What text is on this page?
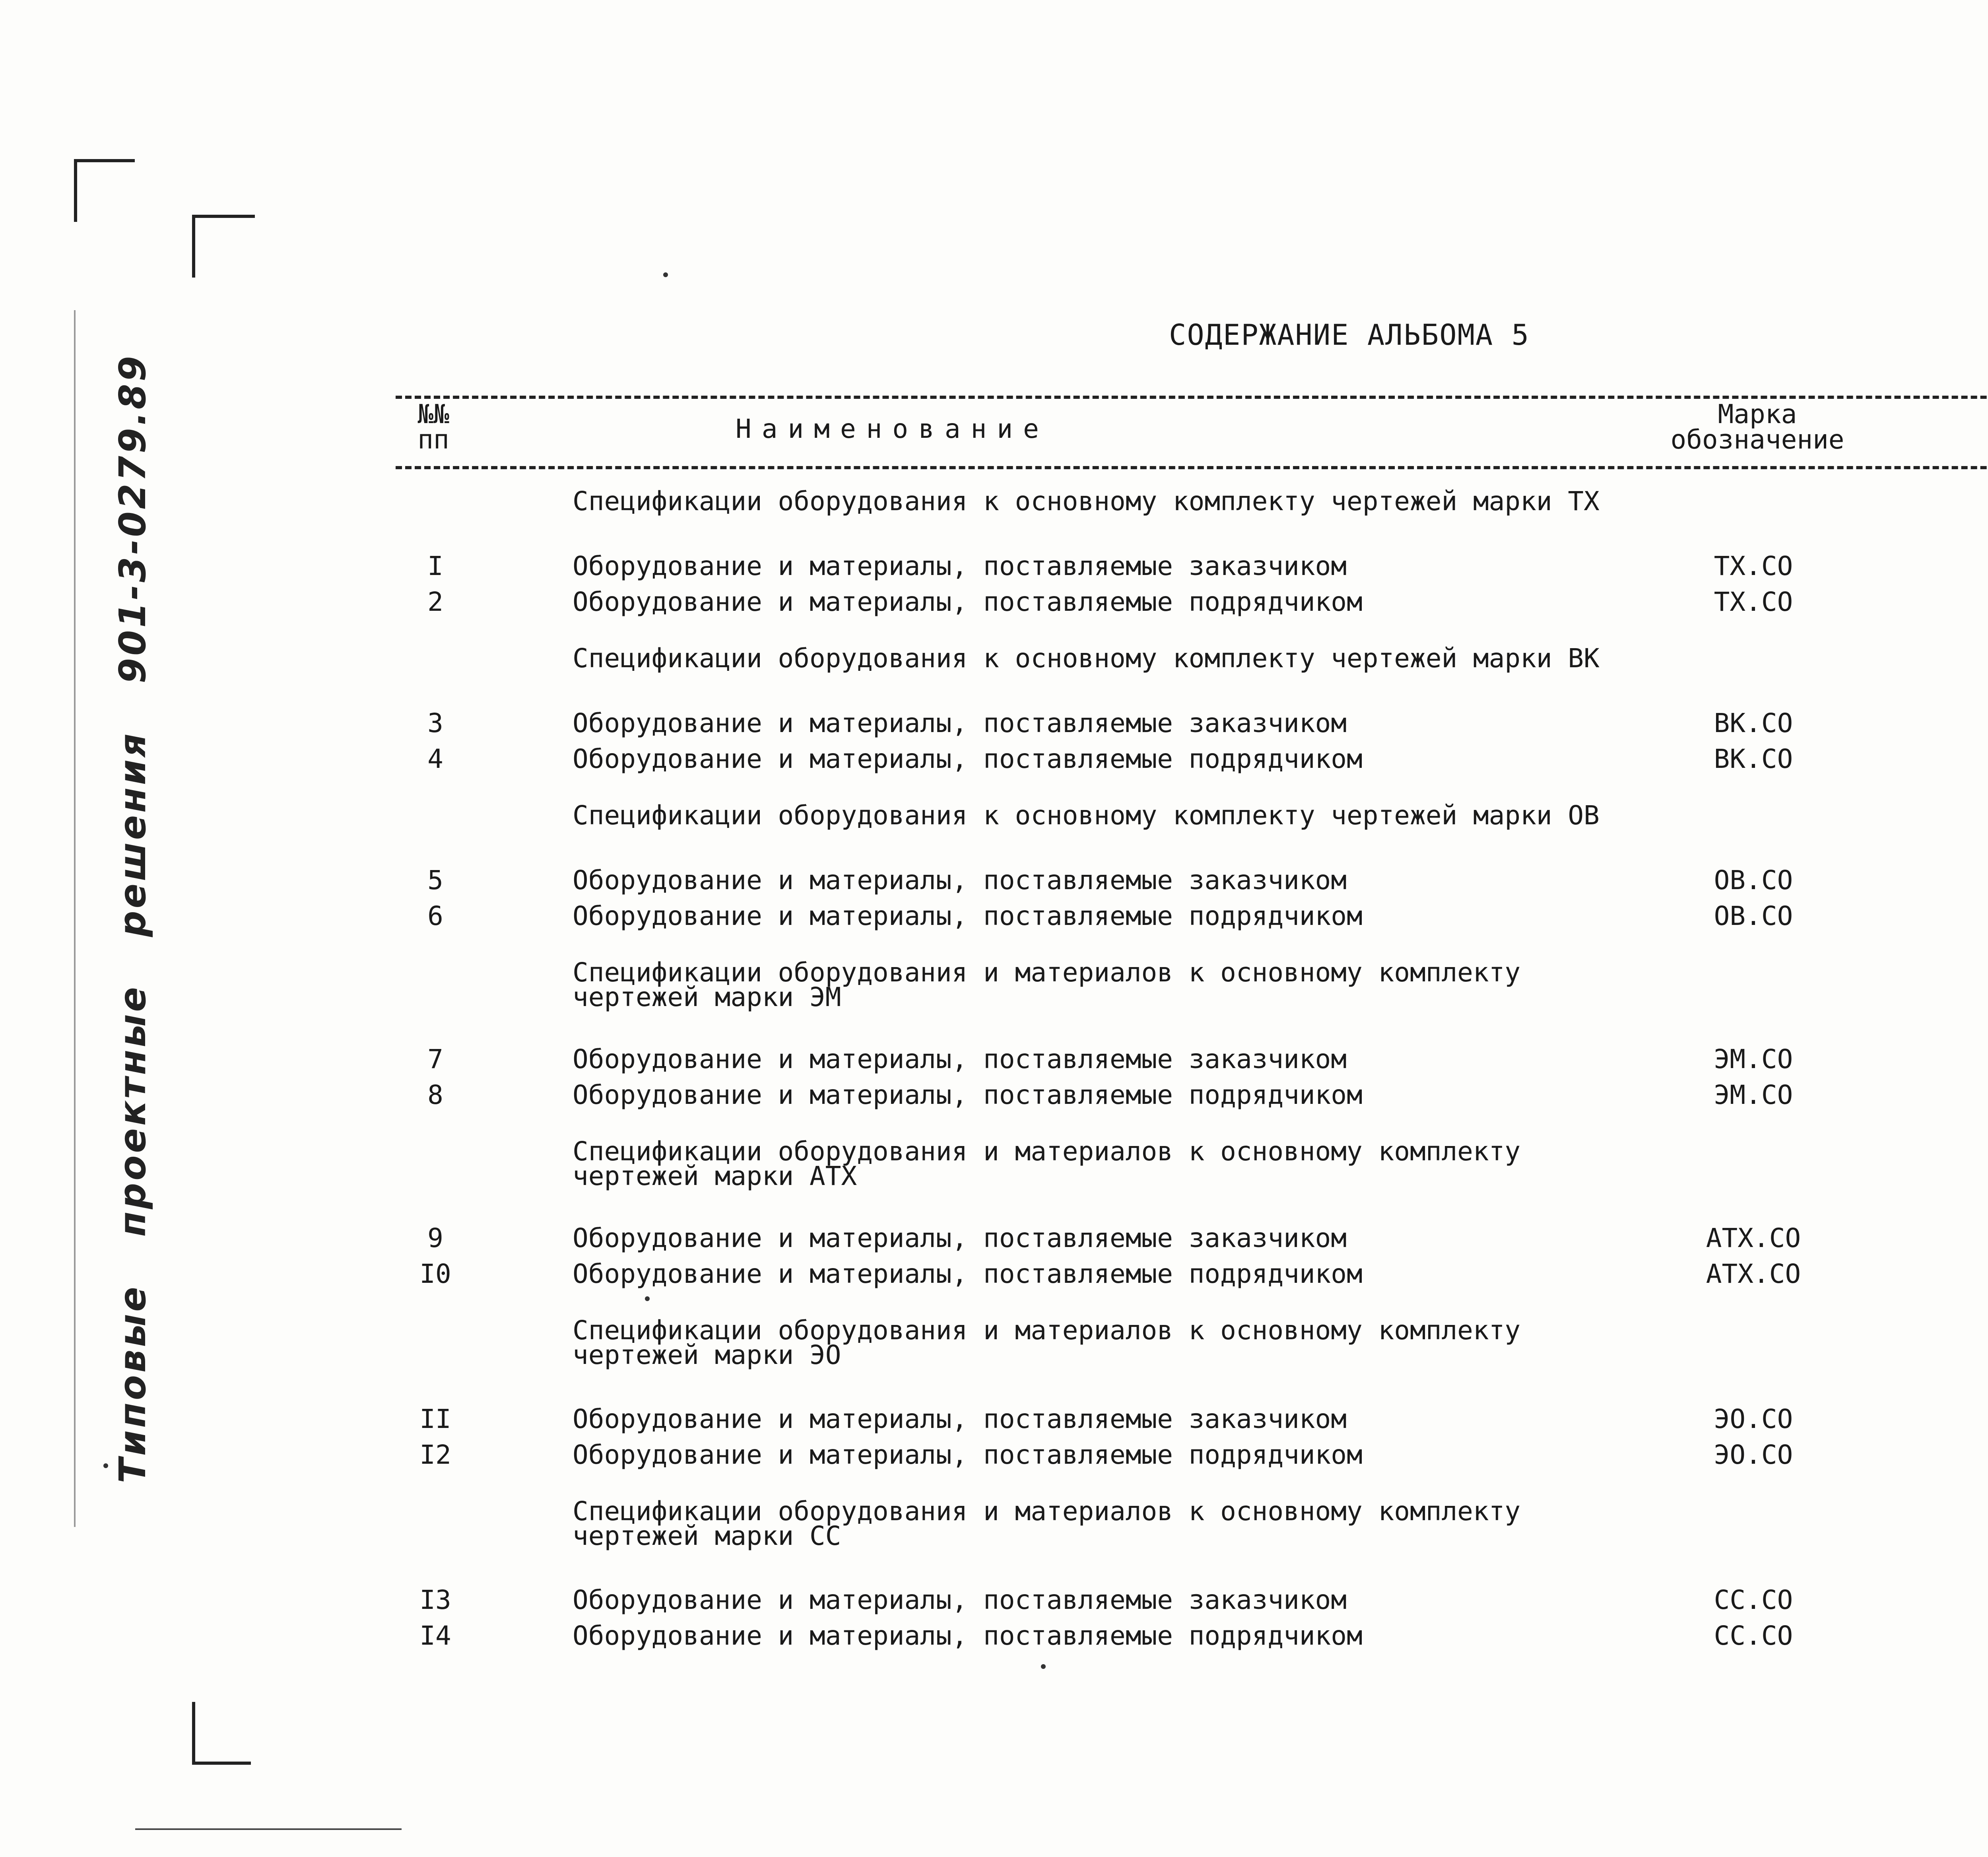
Типовыепроектныерешения901-3-0279.89
СОДЕРЖАНИЕ АЛЬБОМА 5
№№ пп	Наименование	Марка обозначение
Спецификации оборудования к основному комплекту чертежей марки ТХ
I	Оборудование и материалы, поставляемые заказчиком	ТХ.СО
2	Оборудование и материалы, поставляемые подрядчиком	ТХ.СО
Спецификации оборудования к основному комплекту чертежей марки ВК
3	Оборудование и материалы, поставляемые заказчиком	ВК.СО
4	Оборудование и материалы, поставляемые подрядчиком	ВК.СО
Спецификации оборудования к основному комплекту чертежей марки ОВ
5	Оборудование и материалы, поставляемые заказчиком	ОВ.СО
6	Оборудование и материалы, поставляемые подрядчиком	ОВ.СО
Спецификации оборудования и материалов к основному комплекту
чертежей марки ЭМ
7	Оборудование и материалы, поставляемые заказчиком	ЭМ.СО
8	Оборудование и материалы, поставляемые подрядчиком	ЭМ.СО
Спецификации оборудования и материалов к основному комплекту
чертежей марки АТХ
9	Оборудование и материалы, поставляемые заказчиком	АТХ.СО
I0	Оборудование и материалы, поставляемые подрядчиком	АТХ.СО
Спецификации оборудования и материалов к основному комплекту
чертежей марки ЭО
II	Оборудование и материалы, поставляемые заказчиком	ЭО.СО
I2	Оборудование и материалы, поставляемые подрядчиком	ЭО.СО
Спецификации оборудования и материалов к основному комплекту
чертежей марки СС
I3	Оборудование и материалы, поставляемые заказчиком	СС.СО
I4	Оборудование и материалы, поставляемые подрядчиком	СС.СО
